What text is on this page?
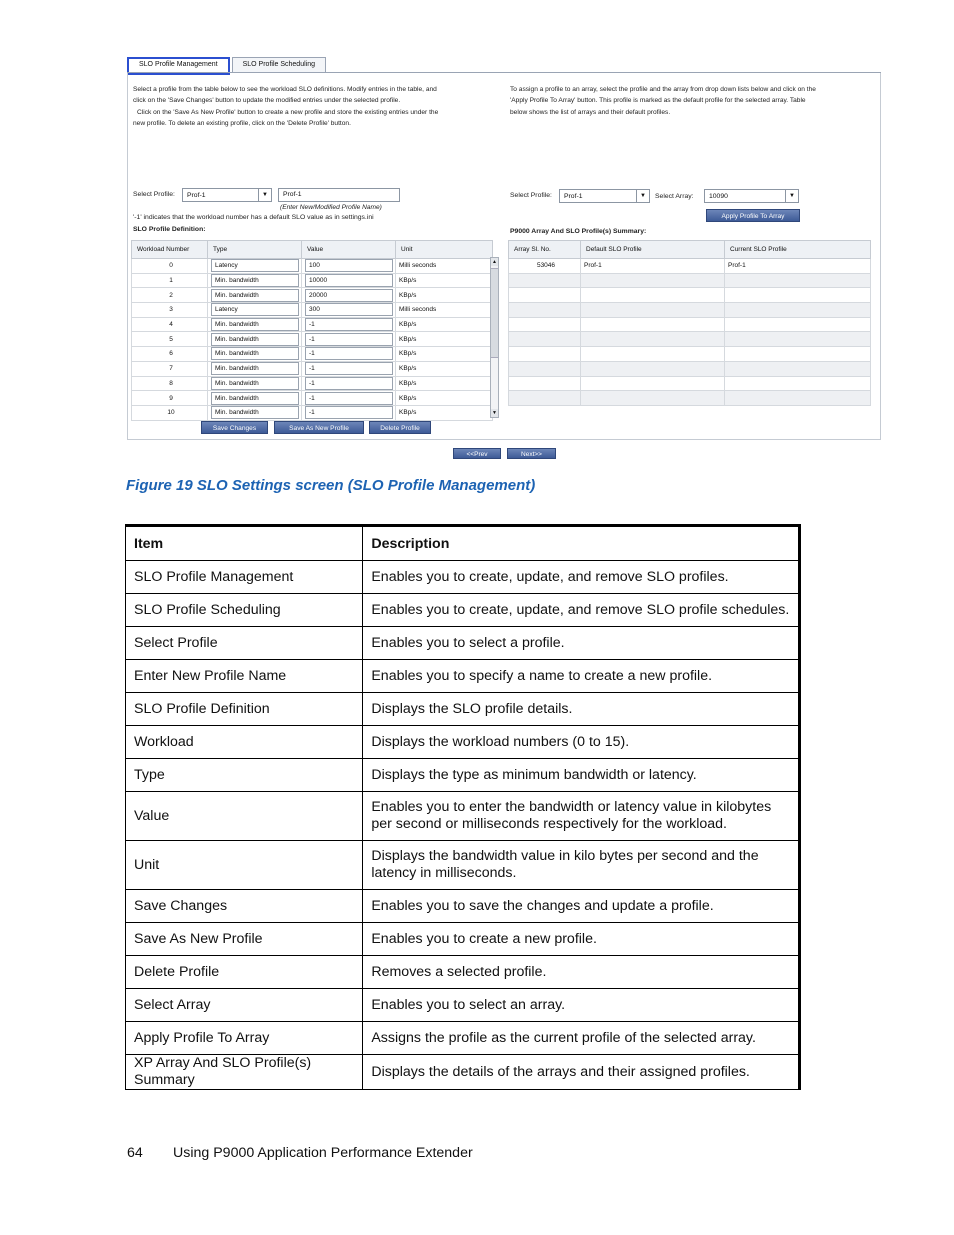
SLO Profile Management	SLO Profile Scheduling
Select a profile from the table below to see the workload SLO definitions. Modify entries in the table, and
click on the 'Save Changes' button to update the modified entries under the selected profile.
Click on the 'Save As New Profile' button to create a new profile and store the existing entries under the
new profile. To delete an existing profile, click on the 'Delete Profile' button.
To assign a profile to an array, select the profile and the array from drop down lists below and click on the
'Apply Profile To Array' button. This profile is marked as the default profile for the selected array. Table
below shows the list of arrays and their default profiles.
Select Profile:	Prof-1	▼	Prof-1
(Enter New/Modified Profile Name)
'-1' indicates that the workload number has a default SLO value as in settings.ini
SLO Profile Definition:
Select Profile:	Prof-1	▼	Select Array:	10090	▼
Apply Profile To Array
P9000 Array And SLO Profile(s) Summary:
Workload Number	Type	Value	Unit
0	Latency	100	Milli seconds
1	Min. bandwidth	10000	KBp/s
2	Min. bandwidth	20000	KBp/s
3	Latency	300	Milli seconds
4	Min. bandwidth	-1	KBp/s
5	Min. bandwidth	-1	KBp/s
6	Min. bandwidth	-1	KBp/s
7	Min. bandwidth	-1	KBp/s
8	Min. bandwidth	-1	KBp/s
9	Min. bandwidth	-1	KBp/s
10	Min. bandwidth	-1	KBp/s
▲
▼
Array Sl. No.	Default SLO Profile	Current SLO Profile
53046	Prof-1	Prof-1

Save Changes	Save As New Profile	Delete Profile
<<Prev	Next>>
Figure 19 SLO Settings screen (SLO Profile Management)
Item	Description
SLO Profile Management	Enables you to create, update, and remove SLO profiles.
SLO Profile Scheduling	Enables you to create, update, and remove SLO profile schedules.
Select Profile	Enables you to select a profile.
Enter New Profile Name	Enables you to specify a name to create a new profile.
SLO Profile Definition	Displays the SLO profile details.
Workload	Displays the workload numbers (0 to 15).
Type	Displays the type as minimum bandwidth or latency.
Value	Enables you to enter the bandwidth or latency value in kilobytes per second or milliseconds respectively for the workload.
Unit	Displays the bandwidth value in kilo bytes per second and the latency in milliseconds.
Save Changes	Enables you to save the changes and update a profile.
Save As New Profile	Enables you to create a new profile.
Delete Profile	Removes a selected profile.
Select Array	Enables you to select an array.
Apply Profile To Array	Assigns the profile as the current profile of the selected array.
XP Array And SLO Profile(s) Summary	Displays the details of the arrays and their assigned profiles.
64 Using P9000 Application Performance Extender
